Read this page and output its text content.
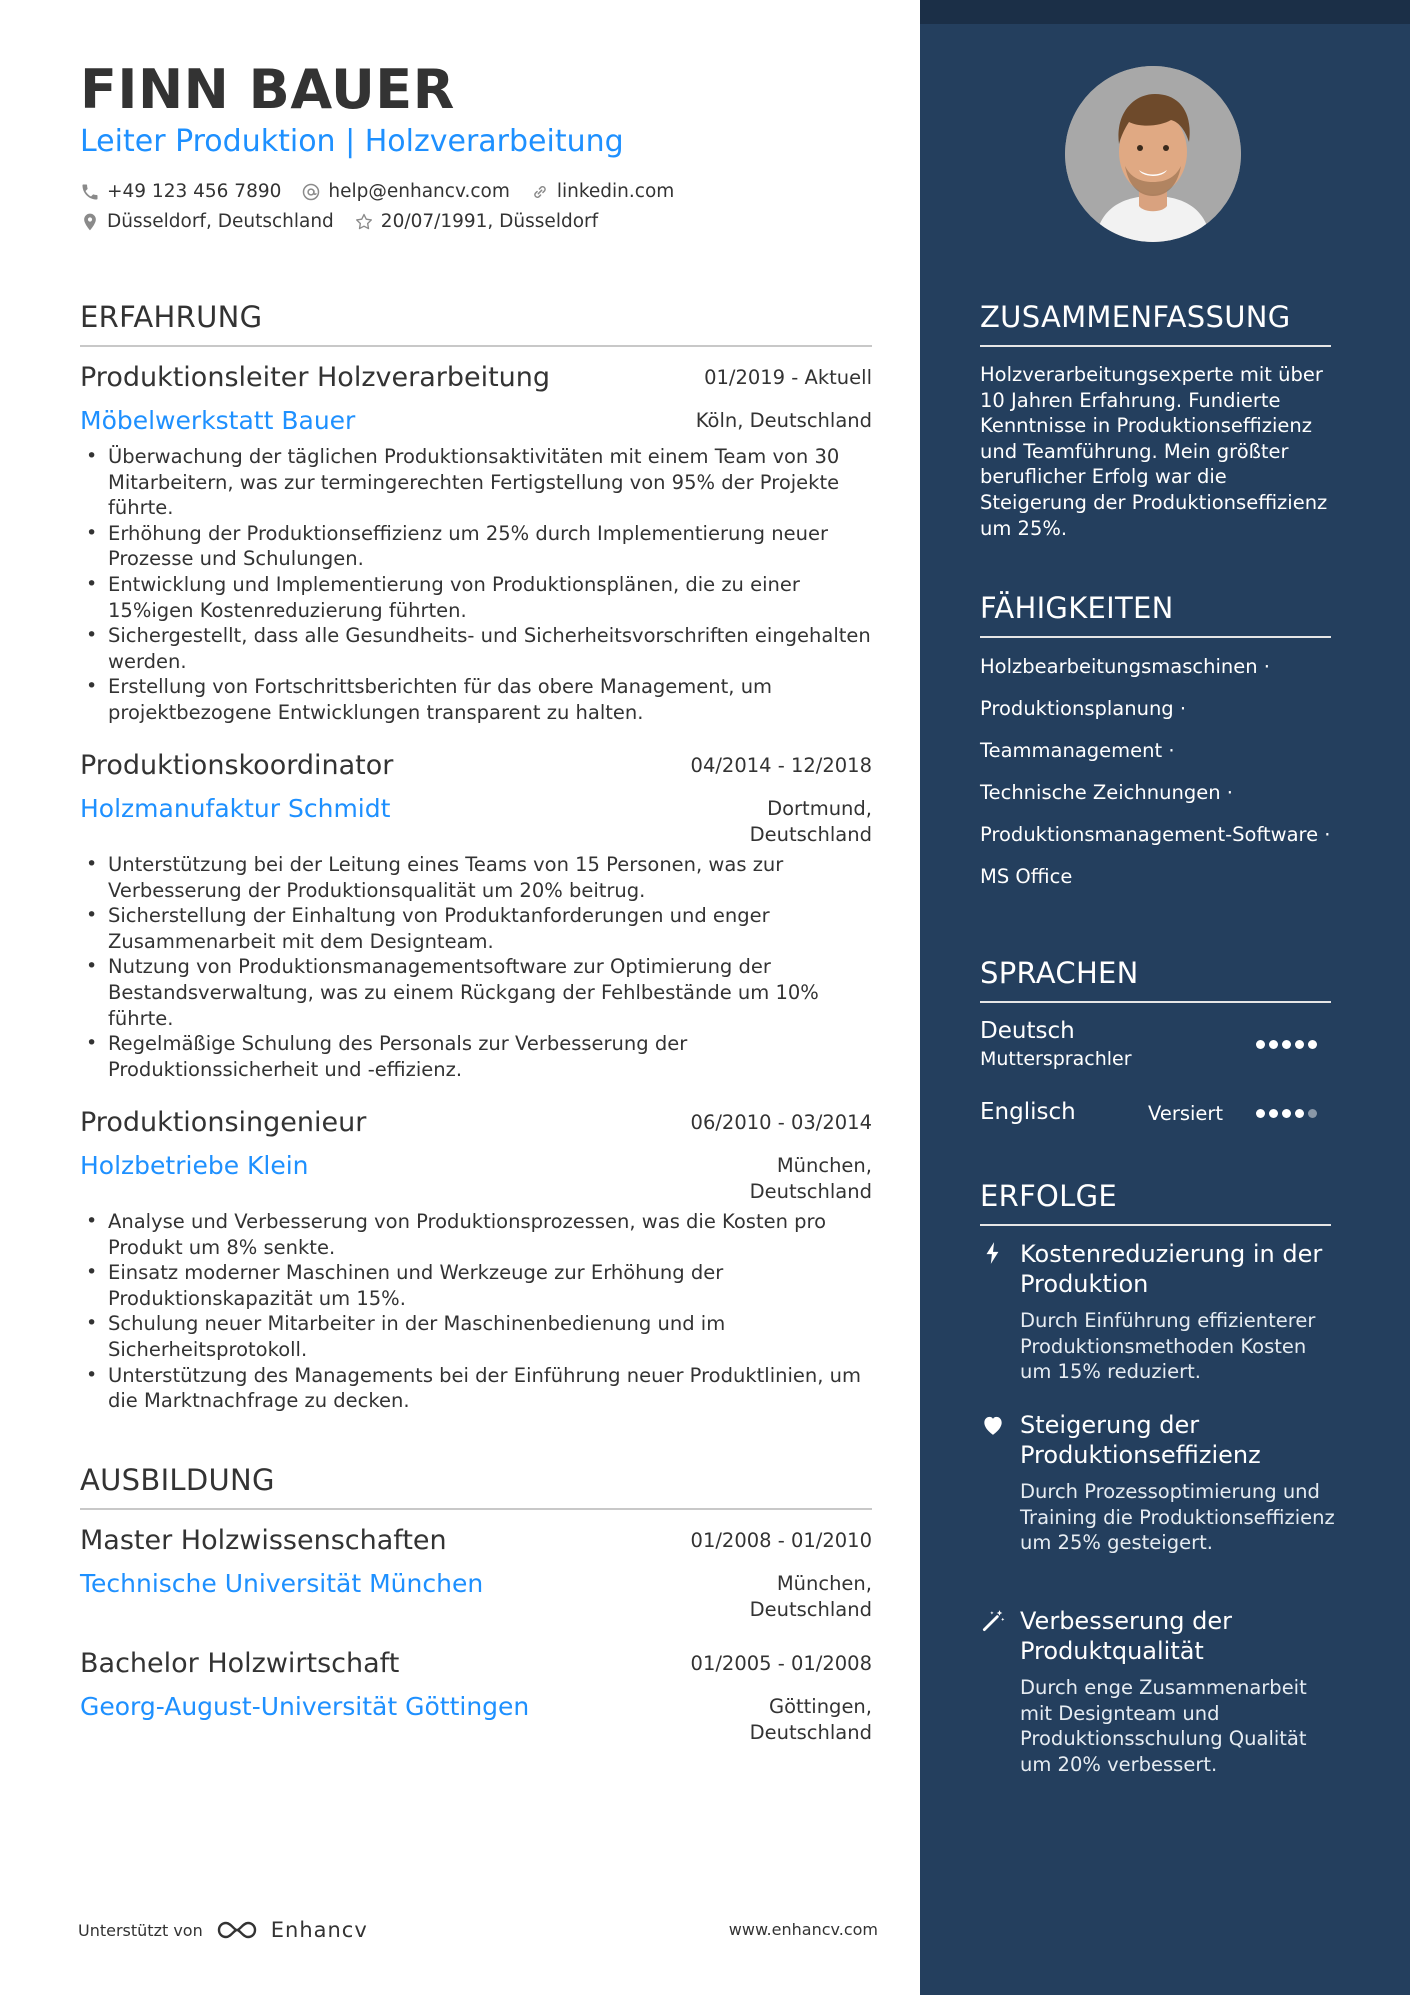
FINN BAUER
Leiter Produktion | Holzverarbeitung
+49 123 456 7890	help@enhancv.com	linkedin.com
Düsseldorf, Deutschland	20/07/1991, Düsseldorf
ERFAHRUNG
Produktionsleiter Holzverarbeitung	01/2019 - Aktuell
Möbelwerkstatt Bauer	Köln, Deutschland
• Überwachung der täglichen Produktionsaktivitäten mit einem Team von 30 Mitarbeitern, was zur termingerechten Fertigstellung von 95% der Projekte führte.
• Erhöhung der Produktionseffizienz um 25% durch Implementierung neuer Prozesse und Schulungen.
• Entwicklung und Implementierung von Produktionsplänen, die zu einer 15%igen Kostenreduzierung führten.
• Sichergestellt, dass alle Gesundheits- und Sicherheitsvorschriften eingehalten werden.
• Erstellung von Fortschrittsberichten für das obere Management, um projektbezogene Entwicklungen transparent zu halten.
Produktionskoordinator	04/2014 - 12/2018
Holzmanufaktur Schmidt	Dortmund,
Deutschland
• Unterstützung bei der Leitung eines Teams von 15 Personen, was zur Verbesserung der Produktionsqualität um 20% beitrug.
• Sicherstellung der Einhaltung von Produktanforderungen und enger Zusammenarbeit mit dem Designteam.
• Nutzung von Produktionsmanagementsoftware zur Optimierung der Bestandsverwaltung, was zu einem Rückgang der Fehlbestände um 10% führte.
• Regelmäßige Schulung des Personals zur Verbesserung der Produktionssicherheit und -effizienz.
Produktionsingenieur	06/2010 - 03/2014
Holzbetriebe Klein	München,
Deutschland
• Analyse und Verbesserung von Produktionsprozessen, was die Kosten pro Produkt um 8% senkte.
• Einsatz moderner Maschinen und Werkzeuge zur Erhöhung der Produktionskapazität um 15%.
• Schulung neuer Mitarbeiter in der Maschinenbedienung und im Sicherheitsprotokoll.
• Unterstützung des Managements bei der Einführung neuer Produktlinien, um die Marktnachfrage zu decken.
AUSBILDUNG
Master Holzwissenschaften	01/2008 - 01/2010
Technische Universität München	München,
Deutschland
Bachelor Holzwirtschaft	01/2005 - 01/2008
Georg-August-Universität Göttingen	Göttingen,
Deutschland
Unterstützt von	Enhancv	www.enhancv.com
ZUSAMMENFASSUNG
Holzverarbeitungsexperte mit über 10 Jahren Erfahrung. Fundierte Kenntnisse in Produktionseffizienz und Teamführung. Mein größter beruflicher Erfolg war die Steigerung der Produktionseffizienz um 25%.
FÄHIGKEITEN
Holzbearbeitungsmaschinen ·
Produktionsplanung ·
Teammanagement ·
Technische Zeichnungen ·
Produktionsmanagement-Software ·
MS Office
SPRACHEN
Deutsch
Muttersprachler
Englisch	Versiert
ERFOLGE
Kostenreduzierung in der Produktion
Durch Einführung effizienterer Produktionsmethoden Kosten um 15% reduziert.
Steigerung der Produktionseffizienz
Durch Prozessoptimierung und Training die Produktionseffizienz um 25% gesteigert.
Verbesserung der Produktqualität
Durch enge Zusammenarbeit mit Designteam und Produktionsschulung Qualität um 20% verbessert.
